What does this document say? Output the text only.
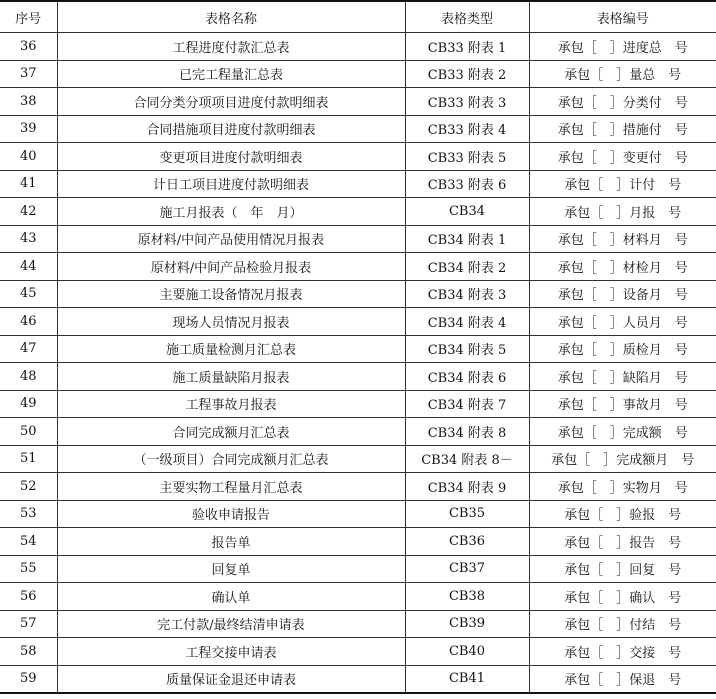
序号	表格名称	表格类型	表格编号
36	工程进度付款汇总表	CB33 附表 1	承包［　］进度总　号
37	已完工程量汇总表	CB33 附表 2	承包［　］量总　号
38	合同分类分项项目进度付款明细表	CB33 附表 3	承包［　］分类付　号
39	合同措施项目进度付款明细表	CB33 附表 4	承包［　］措施付　号
40	变更项目进度付款明细表	CB33 附表 5	承包［　］变更付　号
41	计日工项目进度付款明细表	CB33 附表 6	承包［　］计付　号
42	施工月报表（　年　月）	CB34	承包［　］月报　号
43	原材料/中间产品使用情况月报表	CB34 附表 1	承包［　］材料月　号
44	原材料/中间产品检验月报表	CB34 附表 2	承包［　］材检月　号
45	主要施工设备情况月报表	CB34 附表 3	承包［　］设备月　号
46	现场人员情况月报表	CB34 附表 4	承包［　］人员月　号
47	施工质量检测月汇总表	CB34 附表 5	承包［　］质检月　号
48	施工质量缺陷月报表	CB34 附表 6	承包［　］缺陷月　号
49	工程事故月报表	CB34 附表 7	承包［　］事故月　号
50	合同完成额月汇总表	CB34 附表 8	承包［　］完成额　号
51	（一级项目）合同完成额月汇总表	CB34 附表 8－	承包［　］完成额月　号
52	主要实物工程量月汇总表	CB34 附表 9	承包［　］实物月　号
53	验收申请报告	CB35	承包［　］验报　号
54	报告单	CB36	承包［　］报告　号
55	回复单	CB37	承包［　］回复　号
56	确认单	CB38	承包［　］确认　号
57	完工付款/最终结清申请表	CB39	承包［　］付结　号
58	工程交接申请表	CB40	承包［　］交接　号
59	质量保证金退还申请表	CB41	承包［　］保退　号
